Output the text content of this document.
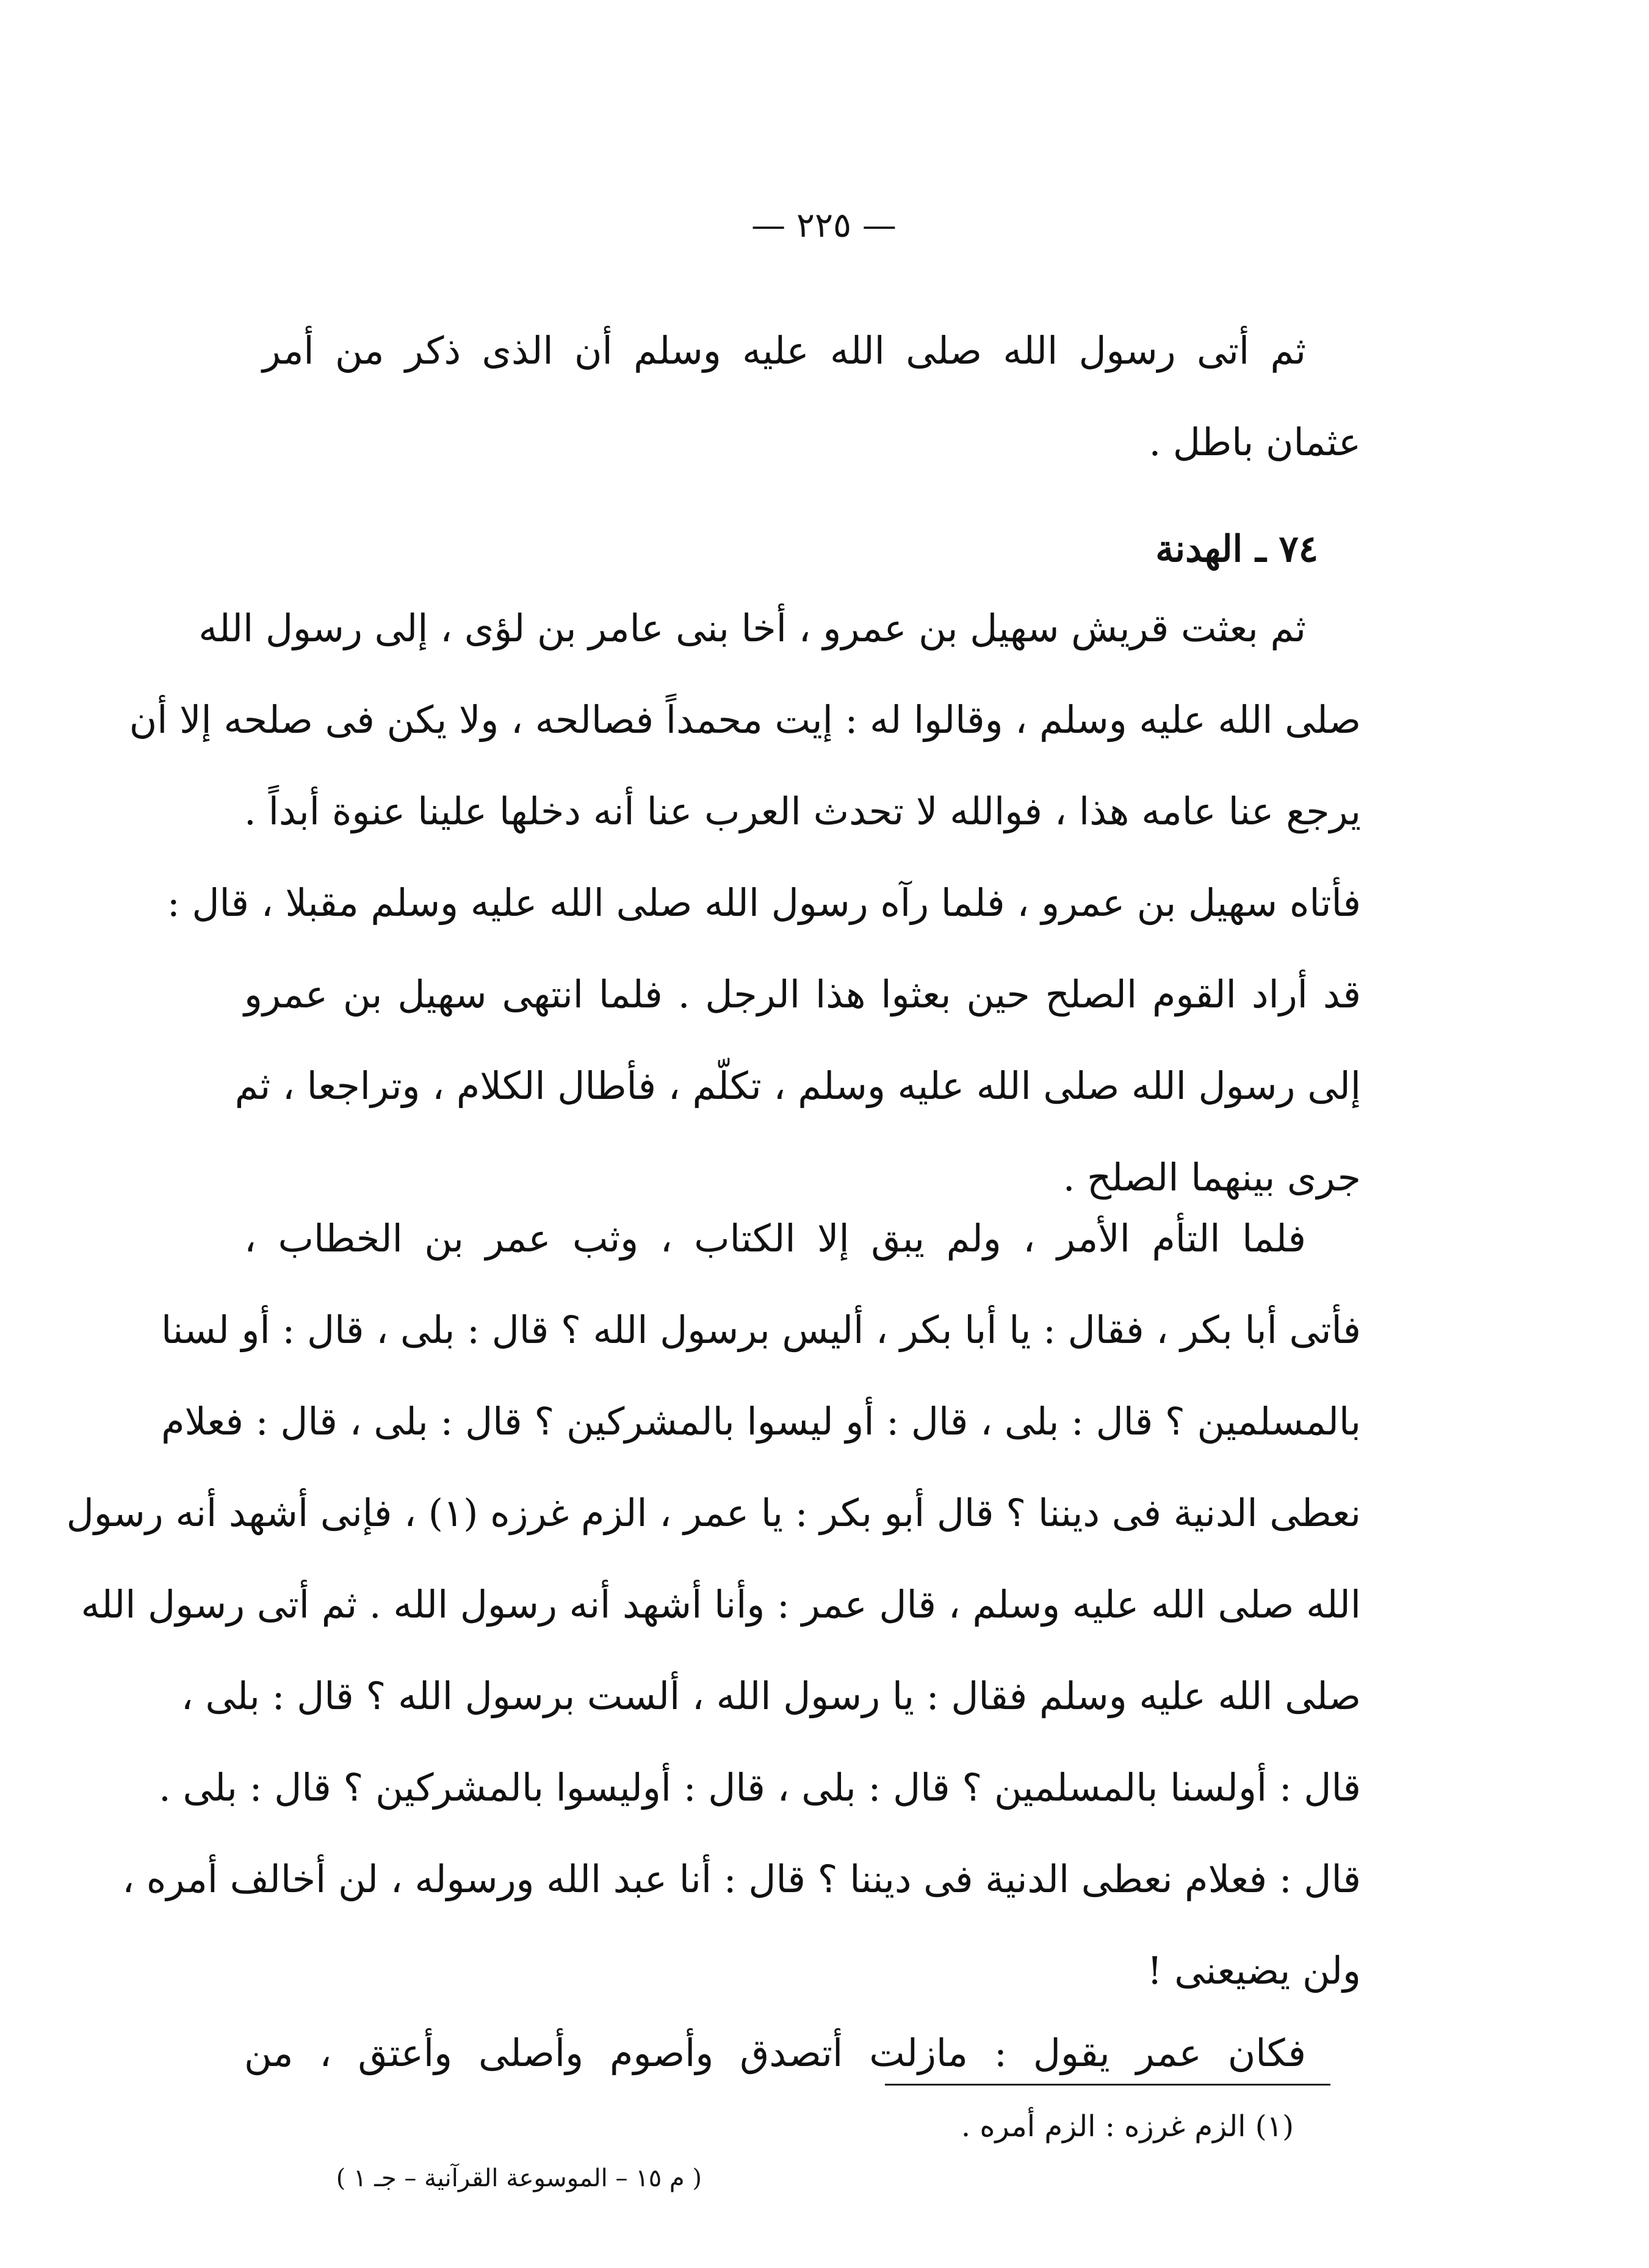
— ٢٢٥ —
ثم أتى رسول الله صلى الله عليه وسلم أن الذى ذكر من أمر
عثمان باطل .
٧٤ ـ الهدنة
ثم بعثت قريش سهيل بن عمرو ، أخا بنى عامر بن لؤى ، إلى رسول الله
صلى الله عليه وسلم ، وقالوا له : إيت محمداً فصالحه ، ولا يكن فى صلحه إلا أن
يرجع عنا عامه هذا ، فوالله لا تحدث العرب عنا أنه دخلها علينا عنوة أبداً .
فأتاه سهيل بن عمرو ، فلما رآه رسول الله صلى الله عليه وسلم مقبلا ، قال :
قد أراد القوم الصلح حين بعثوا هذا الرجل . فلما انتهى سهيل بن عمرو
إلى رسول الله صلى الله عليه وسلم ، تكلّم ، فأطال الكلام ، وتراجعا ، ثم
جرى بينهما الصلح .
فلما التأم الأمر ، ولم يبق إلا الكتاب ، وثب عمر بن الخطاب ،
فأتى أبا بكر ، فقال : يا أبا بكر ، أليس برسول الله ؟ قال : بلى ، قال : أو لسنا
بالمسلمين ؟ قال : بلى ، قال : أو ليسوا بالمشركين ؟ قال : بلى ، قال : فعلام
نعطى الدنية فى ديننا ؟ قال أبو بكر : يا عمر ، الزم غرزه (١) ، فإنى أشهد أنه رسول
الله صلى الله عليه وسلم ، قال عمر : وأنا أشهد أنه رسول الله . ثم أتى رسول الله
صلى الله عليه وسلم فقال : يا رسول الله ، ألست برسول الله ؟ قال : بلى ،
قال : أولسنا بالمسلمين ؟ قال : بلى ، قال : أوليسوا بالمشركين ؟ قال : بلى .
قال : فعلام نعطى الدنية فى ديننا ؟ قال : أنا عبد الله ورسوله ، لن أخالف أمره ،
ولن يضيعنى !
فكان عمر يقول : مازلت أتصدق وأصوم وأصلى وأعتق ، من
(١) الزم غرزه : الزم أمره .
( م ١٥ – الموسوعة القرآنية – جـ ١ )
